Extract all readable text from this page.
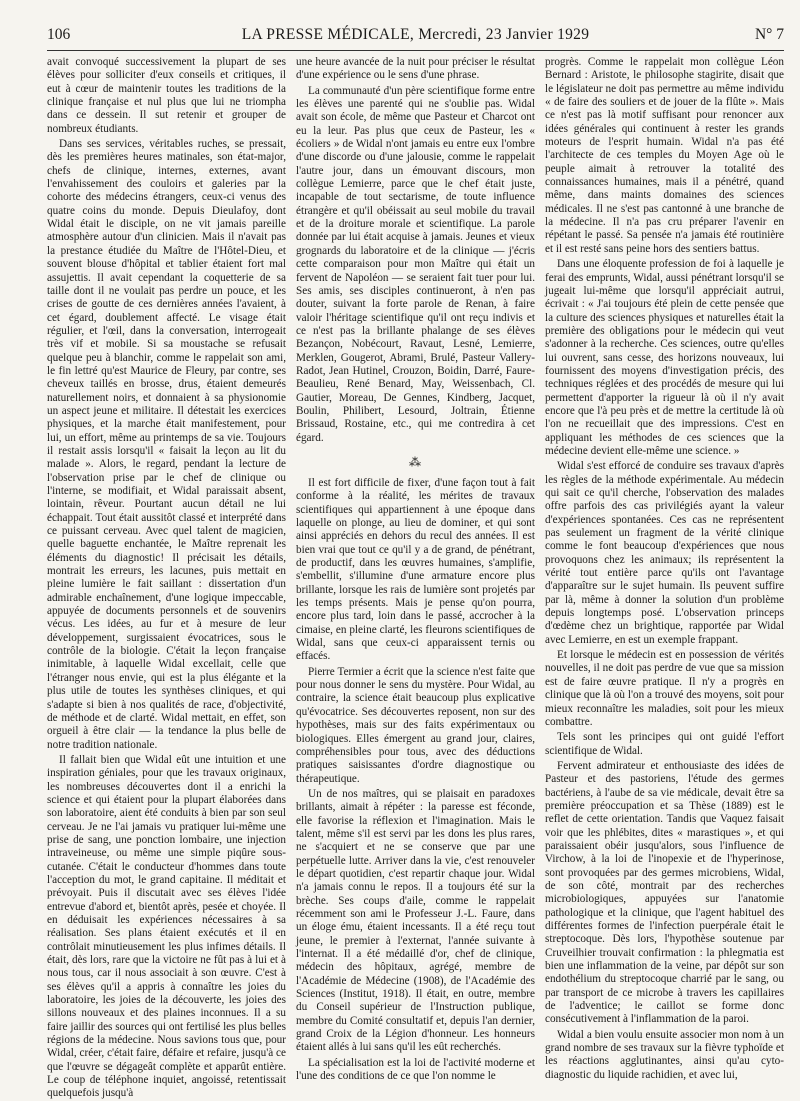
106	LA PRESSE MÉDICALE, Mercredi, 23 Janvier 1929	N° 7

avait convoqué successivement la plupart de ses élèves pour solliciter d'eux conseils et critiques, il eut à cœur de maintenir toutes les traditions de la clinique française et nul plus que lui ne triompha dans ce dessein. Il sut retenir et grouper de nombreux étudiants.

Dans ses services, véritables ruches, se pressait, dès les premières heures matinales, son état-major, chefs de clinique, internes, externes, avant l'envahissement des couloirs et galeries par la cohorte des médecins étrangers, ceux-ci venus des quatre coins du monde. Depuis Dieulafoy, dont Widal était le disciple, on ne vit jamais pareille atmosphère autour d'un clinicien. Mais il n'avait pas la prestance étudiée du Maître de l'Hôtel-Dieu, et souvent blouse d'hôpital et tablier étaient fort mal assujettis. Il avait cependant la coquetterie de sa taille dont il ne voulait pas perdre un pouce, et les crises de goutte de ces dernières années l'avaient, à cet égard, doublement affecté. Le visage était régulier, et l'œil, dans la conversation, interrogeait très vif et mobile. Si sa moustache se refusait quelque peu à blanchir, comme le rappelait son ami, le fin lettré qu'est Maurice de Fleury, par contre, ses cheveux taillés en brosse, drus, étaient demeurés naturellement noirs, et donnaient à sa physionomie un aspect jeune et militaire. Il détestait les exercices physiques, et la marche était manifestement, pour lui, un effort, même au printemps de sa vie. Toujours il restait assis lorsqu'il « faisait la leçon au lit du malade ». Alors, le regard, pendant la lecture de l'observation prise par le chef de clinique ou l'interne, se modifiait, et Widal paraissait absent, lointain, rêveur. Pourtant aucun détail ne lui échappait. Tout était aussitôt classé et interprété dans ce puissant cerveau. Avec quel talent de magicien, quelle baguette enchantée, le Maître reprenait les éléments du diagnostic! Il précisait les détails, montrait les erreurs, les lacunes, puis mettait en pleine lumière le fait saillant : dissertation d'un admirable enchaînement, d'une logique impeccable, appuyée de documents personnels et de souvenirs vécus. Les idées, au fur et à mesure de leur développement, surgissaient évocatrices, sous le contrôle de la biologie. C'était la leçon française inimitable, à laquelle Widal excellait, celle que l'étranger nous envie, qui est la plus élégante et la plus utile de toutes les synthèses cliniques, et qui s'adapte si bien à nos qualités de race, d'objectivité, de méthode et de clarté. Widal mettait, en effet, son orgueil à être clair — la tendance la plus belle de notre tradition nationale.

Il fallait bien que Widal eût une intuition et une inspiration géniales, pour que les travaux originaux, les nombreuses découvertes dont il a enrichi la science et qui étaient pour la plupart élaborées dans son laboratoire, aient été conduits à bien par son seul cerveau. Je ne l'ai jamais vu pratiquer lui-même une prise de sang, une ponction lombaire, une injection intraveineuse, ou même une simple piqûre sous-cutanée. C'était le conducteur d'hommes dans toute l'acception du mot, le grand capitaine. Il méditait et prévoyait. Puis il discutait avec ses élèves l'idée entrevue d'abord et, bientôt après, pesée et choyée. Il en déduisait les expériences nécessaires à sa réalisation. Ses plans étaient exécutés et il en contrôlait minutieusement les plus infimes détails. Il était, dès lors, rare que la victoire ne fût pas à lui et à nous tous, car il nous associait à son œuvre. C'est à ses élèves qu'il a appris à connaître les joies du laboratoire, les joies de la découverte, les joies des sillons nouveaux et des plaines inconnues. Il a su faire jaillir des sources qui ont fertilisé les plus belles régions de la médecine. Nous savions tous que, pour Widal, créer, c'était faire, défaire et refaire, jusqu'à ce que l'œuvre se dégageât complète et apparût entière. Le coup de téléphone inquiet, angoissé, retentissait quelquefois jusqu'à

une heure avancée de la nuit pour préciser le résultat d'une expérience ou le sens d'une phrase.

La communauté d'un père scientifique forme entre les élèves une parenté qui ne s'oublie pas. Widal avait son école, de même que Pasteur et Charcot ont eu la leur. Pas plus que ceux de Pasteur, les « écoliers » de Widal n'ont jamais eu entre eux l'ombre d'une discorde ou d'une jalousie, comme le rappelait l'autre jour, dans un émouvant discours, mon collègue Lemierre, parce que le chef était juste, incapable de tout sectarisme, de toute influence étrangère et qu'il obéissait au seul mobile du travail et de la droiture morale et scientifique. La parole donnée par lui était acquise à jamais. Jeunes et vieux grognards du laboratoire et de la clinique — j'écris cette comparaison pour mon Maître qui était un fervent de Napoléon — se seraient fait tuer pour lui. Ses amis, ses disciples continueront, à n'en pas douter, suivant la forte parole de Renan, à faire valoir l'héritage scientifique qu'il ont reçu indivis et ce n'est pas la brillante phalange de ses élèves Bezançon, Nobécourt, Ravaut, Lesné, Lemierre, Merklen, Gougerot, Abrami, Brulé, Pasteur Vallery-Radot, Jean Hutinel, Crouzon, Boidin, Darré, Faure-Beaulieu, René Benard, May, Weissenbach, Cl. Gautier, Moreau, De Gennes, Kindberg, Jacquet, Boulin, Philibert, Lesourd, Joltrain, Étienne Brissaud, Rostaine, etc., qui me contredira à cet égard.

⁂

Il est fort difficile de fixer, d'une façon tout à fait conforme à la réalité, les mérites de travaux scientifiques qui appartiennent à une époque dans laquelle on plonge, au lieu de dominer, et qui sont ainsi appréciés en dehors du recul des années. Il est bien vrai que tout ce qu'il y a de grand, de pénétrant, de productif, dans les œuvres humaines, s'amplifie, s'embellit, s'illumine d'une armature encore plus brillante, lorsque les rais de lumière sont projetés par les temps présents. Mais je pense qu'on pourra, encore plus tard, loin dans le passé, accrocher à la cimaise, en pleine clarté, les fleurons scientifiques de Widal, sans que ceux-ci apparaissent ternis ou effacés.

Pierre Termier a écrit que la science n'est faite que pour nous donner le sens du mystère. Pour Widal, au contraire, la science était beaucoup plus explicative qu'évocatrice. Ses découvertes reposent, non sur des hypothèses, mais sur des faits expérimentaux ou biologiques. Elles émergent au grand jour, claires, compréhensibles pour tous, avec des déductions pratiques saisissantes d'ordre diagnostique ou thérapeutique.

Un de nos maîtres, qui se plaisait en paradoxes brillants, aimait à répéter : la paresse est féconde, elle favorise la réflexion et l'imagination. Mais le talent, même s'il est servi par les dons les plus rares, ne s'acquiert et ne se conserve que par une perpétuelle lutte. Arriver dans la vie, c'est renouveler le départ quotidien, c'est repartir chaque jour. Widal n'a jamais connu le repos. Il a toujours été sur la brèche. Ses coups d'aile, comme le rappelait récemment son ami le Professeur J.-L. Faure, dans un éloge ému, étaient incessants. Il a été reçu tout jeune, le premier à l'externat, l'année suivante à l'internat. Il a été médaillé d'or, chef de clinique, médecin des hôpitaux, agrégé, membre de l'Académie de Médecine (1908), de l'Académie des Sciences (Institut, 1918). Il était, en outre, membre du Conseil supérieur de l'Instruction publique, membre du Comité consultatif et, depuis l'an dernier, grand Croix de la Légion d'honneur. Les honneurs étaient allés à lui sans qu'il les eût recherchés.

La spécialisation est la loi de l'activité moderne et l'une des conditions de ce que l'on nomme le

progrès. Comme le rappelait mon collègue Léon Bernard : Aristote, le philosophe stagirite, disait que le législateur ne doit pas permettre au même individu « de faire des souliers et de jouer de la flûte ». Mais ce n'est pas là motif suffisant pour renoncer aux idées générales qui continuent à rester les grands moteurs de l'esprit humain. Widal n'a pas été l'architecte de ces temples du Moyen Age où le peuple aimait à retrouver la totalité des connaissances humaines, mais il a pénétré, quand même, dans maints domaines des sciences médicales. Il ne s'est pas cantonné à une branche de la médecine. Il n'a pas cru préparer l'avenir en répétant le passé. Sa pensée n'a jamais été routinière et il est resté sans peine hors des sentiers battus.

Dans une éloquente profession de foi à laquelle je ferai des emprunts, Widal, aussi pénétrant lorsqu'il se jugeait lui-même que lorsqu'il appréciait autrui, écrivait : « J'ai toujours été plein de cette pensée que la culture des sciences physiques et naturelles était la première des obligations pour le médecin qui veut s'adonner à la recherche. Ces sciences, outre qu'elles lui ouvrent, sans cesse, des horizons nouveaux, lui fournissent des moyens d'investigation précis, des techniques réglées et des procédés de mesure qui lui permettent d'apporter la rigueur là où il n'y avait encore que l'à peu près et de mettre la certitude là où l'on ne recueillait que des impressions. C'est en appliquant les méthodes de ces sciences que la médecine devient elle-même une science. »

Widal s'est efforcé de conduire ses travaux d'après les règles de la méthode expérimentale. Au médecin qui sait ce qu'il cherche, l'observation des malades offre parfois des cas privilégiés ayant la valeur d'expériences spontanées. Ces cas ne représentent pas seulement un fragment de la vérité clinique comme le font beaucoup d'expériences que nous provoquons chez les animaux; ils représentent la vérité tout entière parce qu'ils ont l'avantage d'apparaître sur le sujet humain. Ils peuvent suffire par là, même à donner la solution d'un problème depuis longtemps posé. L'observation princeps d'œdème chez un brightique, rapportée par Widal avec Lemierre, en est un exemple frappant.

Et lorsque le médecin est en possession de vérités nouvelles, il ne doit pas perdre de vue que sa mission est de faire œuvre pratique. Il n'y a progrès en clinique que là où l'on a trouvé des moyens, soit pour mieux reconnaître les maladies, soit pour les mieux combattre.

Tels sont les principes qui ont guidé l'effort scientifique de Widal.

Fervent admirateur et enthousiaste des idées de Pasteur et des pastoriens, l'étude des germes bactériens, à l'aube de sa vie médicale, devait être sa première préoccupation et sa Thèse (1889) est le reflet de cette orientation. Tandis que Vaquez faisait voir que les phlébites, dites « marastiques », et qui paraissaient obéir jusqu'alors, sous l'influence de Virchow, à la loi de l'inopexie et de l'hyperinose, sont provoquées par des germes microbiens, Widal, de son côté, montrait par des recherches microbiologiques, appuyées sur l'anatomie pathologique et la clinique, que l'agent habituel des différentes formes de l'infection puerpérale était le streptocoque. Dès lors, l'hypothèse soutenue par Cruveilhier trouvait confirmation : la phlegmatia est bien une inflammation de la veine, par dépôt sur son endothélium du streptocoque charrié par le sang, ou par transport de ce microbe à travers les capillaires de l'adventice; le caillot se forme donc consécutivement à l'inflammation de la paroi.

Widal a bien voulu ensuite associer mon nom à un grand nombre de ses travaux sur la fièvre typhoïde et les réactions agglutinantes, ainsi qu'au cyto-diagnostic du liquide rachidien, et avec lui,
